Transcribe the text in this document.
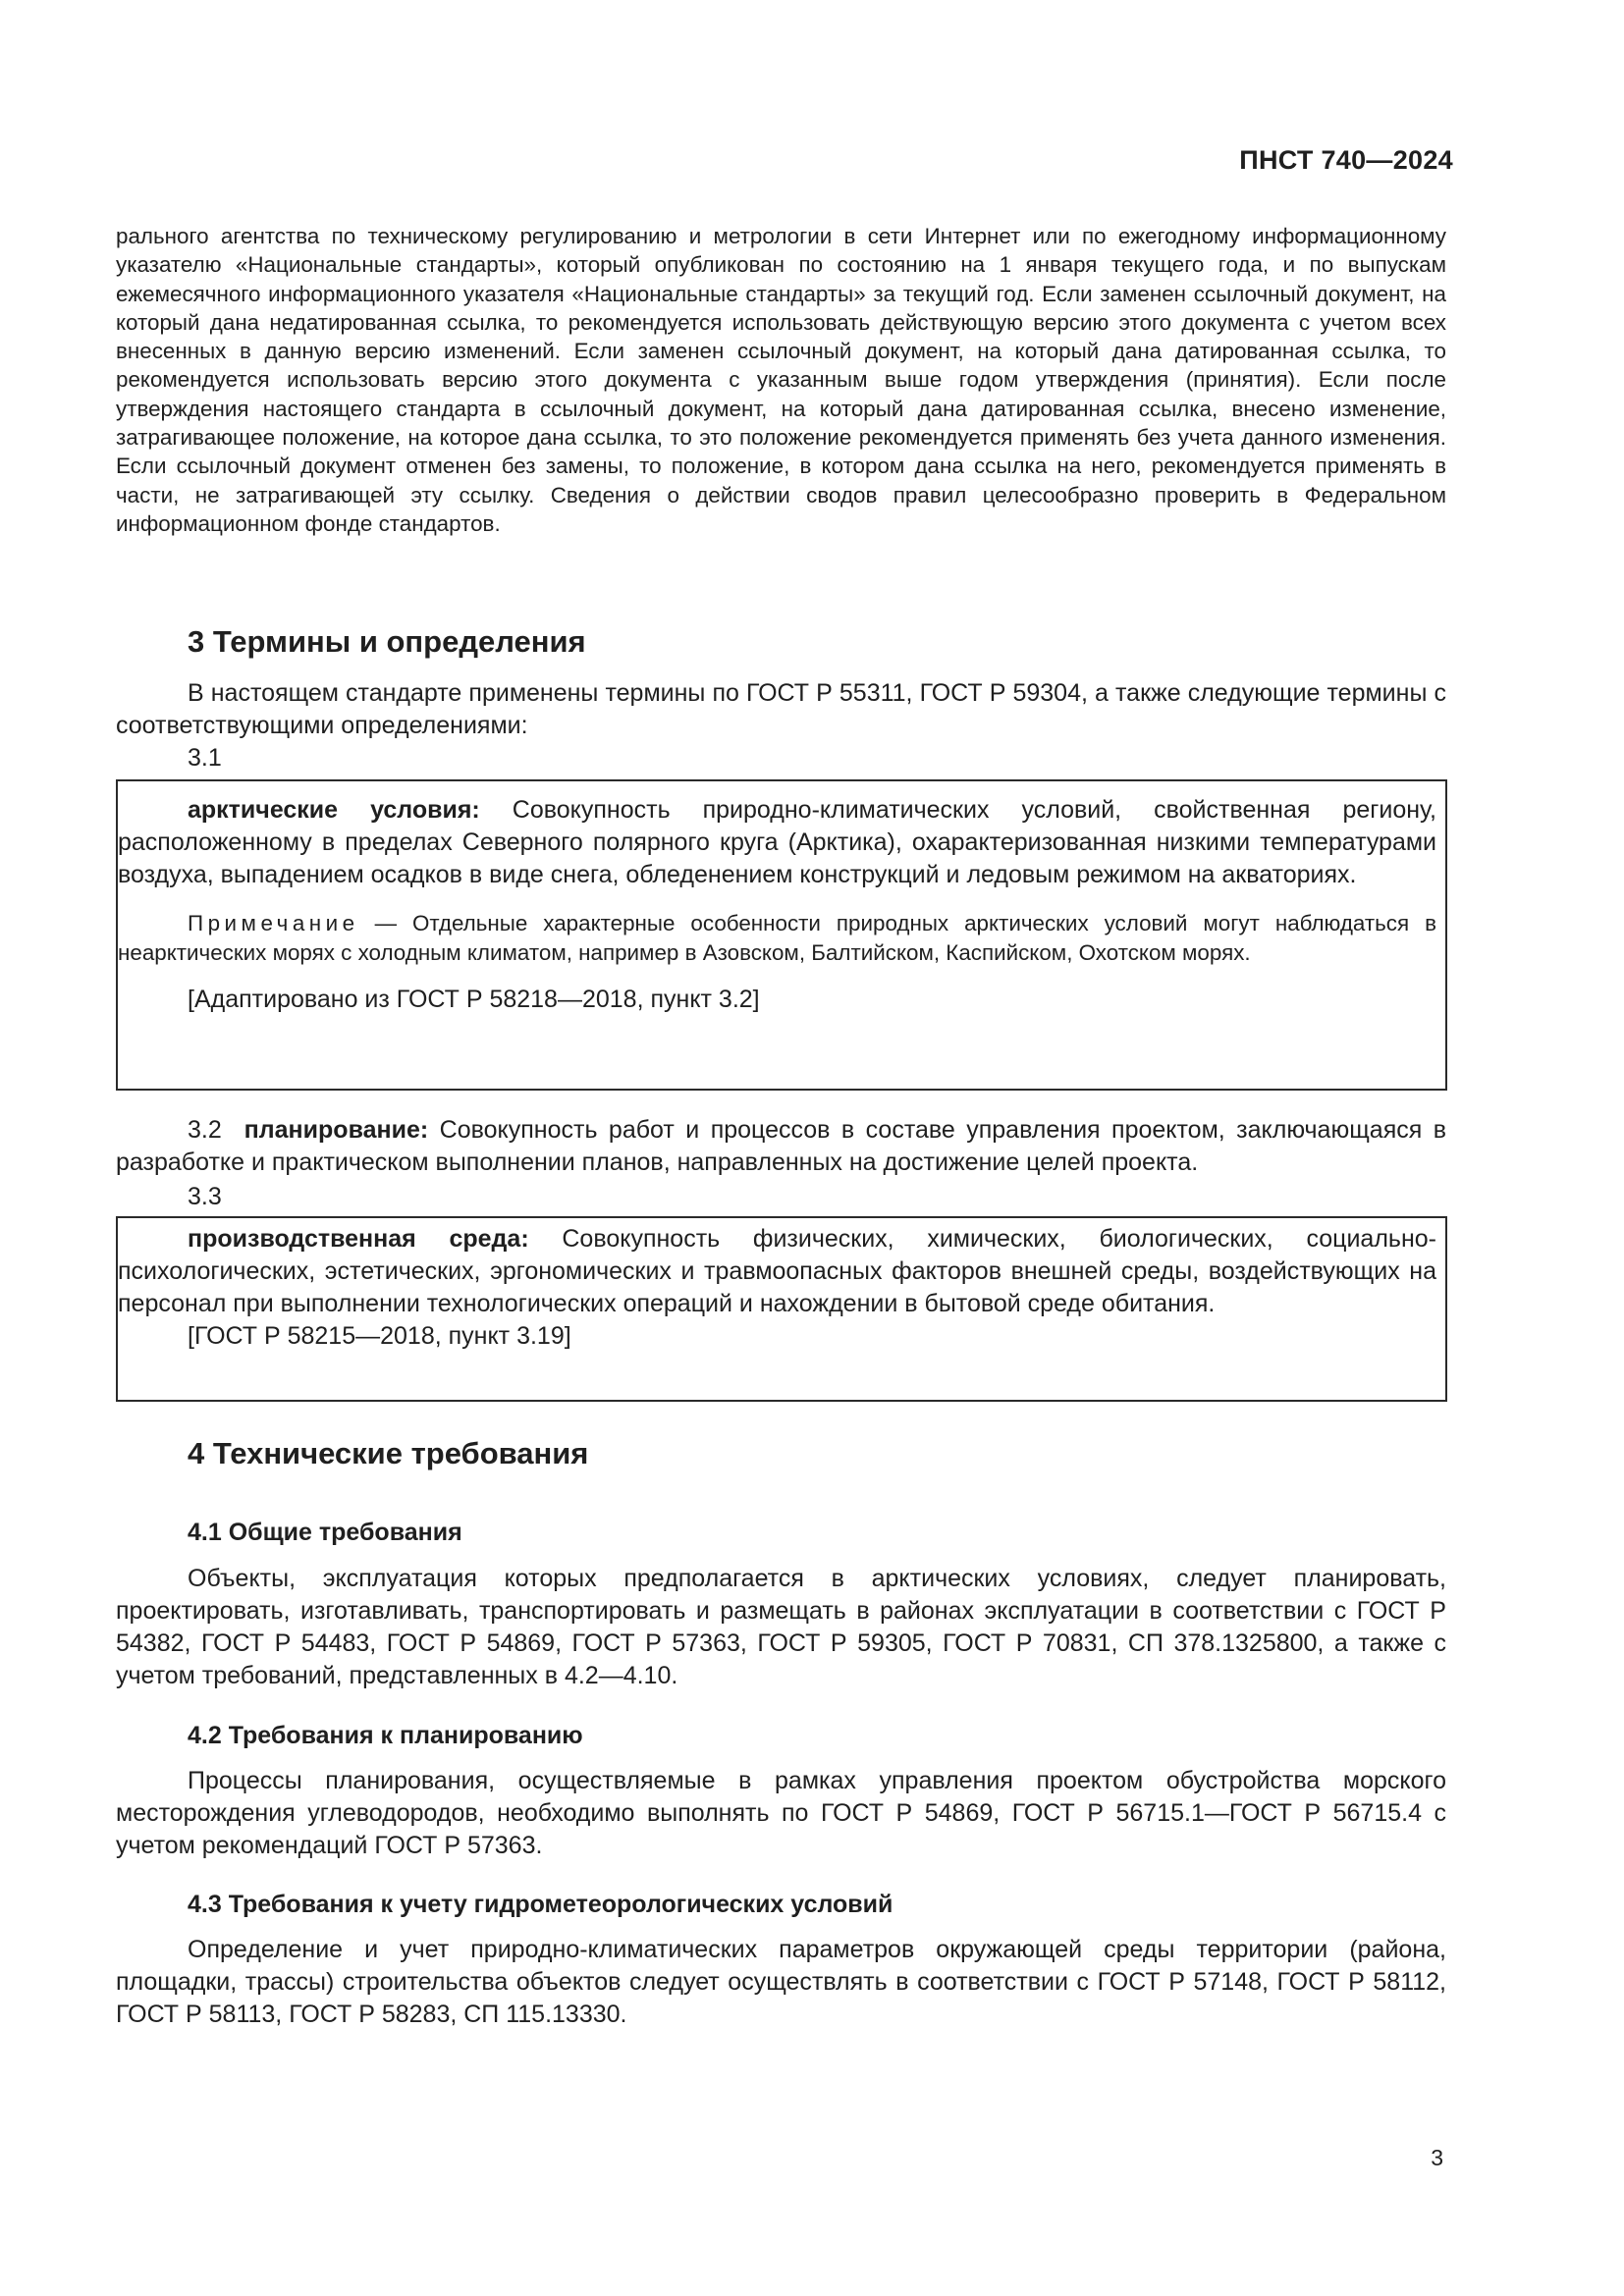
ПНСТ 740—2024

рального агентства по техническому регулированию и метрологии в сети Интернет или по ежегодному информационному указателю «Национальные стандарты», который опубликован по состоянию на 1 января текущего года, и по выпускам ежемесячного информационного указателя «Национальные стандарты» за текущий год. Если заменен ссылочный документ, на который дана недатированная ссылка, то рекомендуется использовать действующую версию этого документа с учетом всех внесенных в данную версию изменений. Если заменен ссылочный документ, на который дана датированная ссылка, то рекомендуется использовать версию этого документа с указанным выше годом утверждения (принятия). Если после утверждения настоящего стандарта в ссылочный документ, на который дана датированная ссылка, внесено изменение, затрагивающее положение, на которое дана ссылка, то это положение рекомендуется применять без учета данного изменения. Если ссылочный документ отменен без замены, то положение, в котором дана ссылка на него, рекомендуется применять в части, не затрагивающей эту ссылку. Сведения о действии сводов правил целесообразно проверить в Федеральном информационном фонде стандартов.

3 Термины и определения

В настоящем стандарте применены термины по ГОСТ Р 55311, ГОСТ Р 59304, а также следующие термины с соответствующими определениями:

3.1

арктические условия: Совокупность природно-климатических условий, свойственная региону, расположенному в пределах Северного полярного круга (Арктика), охарактеризованная низкими температурами воздуха, выпадением осадков в виде снега, обледенением конструкций и ледовым режимом на акваториях.

Примечание — Отдельные характерные особенности природных арктических условий могут наблюдаться в неарктических морях с холодным климатом, например в Азовском, Балтийском, Каспийском, Охотском морях.

[Адаптировано из ГОСТ Р 58218—2018, пункт 3.2]

3.2 планирование: Совокупность работ и процессов в составе управления проектом, заключающаяся в разработке и практическом выполнении планов, направленных на достижение целей проекта.

3.3

производственная среда: Совокупность физических, химических, биологических, социально-психологических, эстетических, эргономических и травмоопасных факторов внешней среды, воздействующих на персонал при выполнении технологических операций и нахождении в бытовой среде обитания.

[ГОСТ Р 58215—2018, пункт 3.19]

4 Технические требования
4.1 Общие требования

Объекты, эксплуатация которых предполагается в арктических условиях, следует планировать, проектировать, изготавливать, транспортировать и размещать в районах эксплуатации в соответствии с ГОСТ Р 54382, ГОСТ Р 54483, ГОСТ Р 54869, ГОСТ Р 57363, ГОСТ Р 59305, ГОСТ Р 70831, СП 378.1325800, а также с учетом требований, представленных в 4.2—4.10.

4.2 Требования к планированию

Процессы планирования, осуществляемые в рамках управления проектом обустройства морского месторождения углеводородов, необходимо выполнять по ГОСТ Р 54869, ГОСТ Р 56715.1—ГОСТ Р 56715.4 с учетом рекомендаций ГОСТ Р 57363.

4.3 Требования к учету гидрометеорологических условий

Определение и учет природно-климатических параметров окружающей среды территории (района, площадки, трассы) строительства объектов следует осуществлять в соответствии с ГОСТ Р 57148, ГОСТ Р 58112, ГОСТ Р 58113, ГОСТ Р 58283, СП 115.13330.

3
